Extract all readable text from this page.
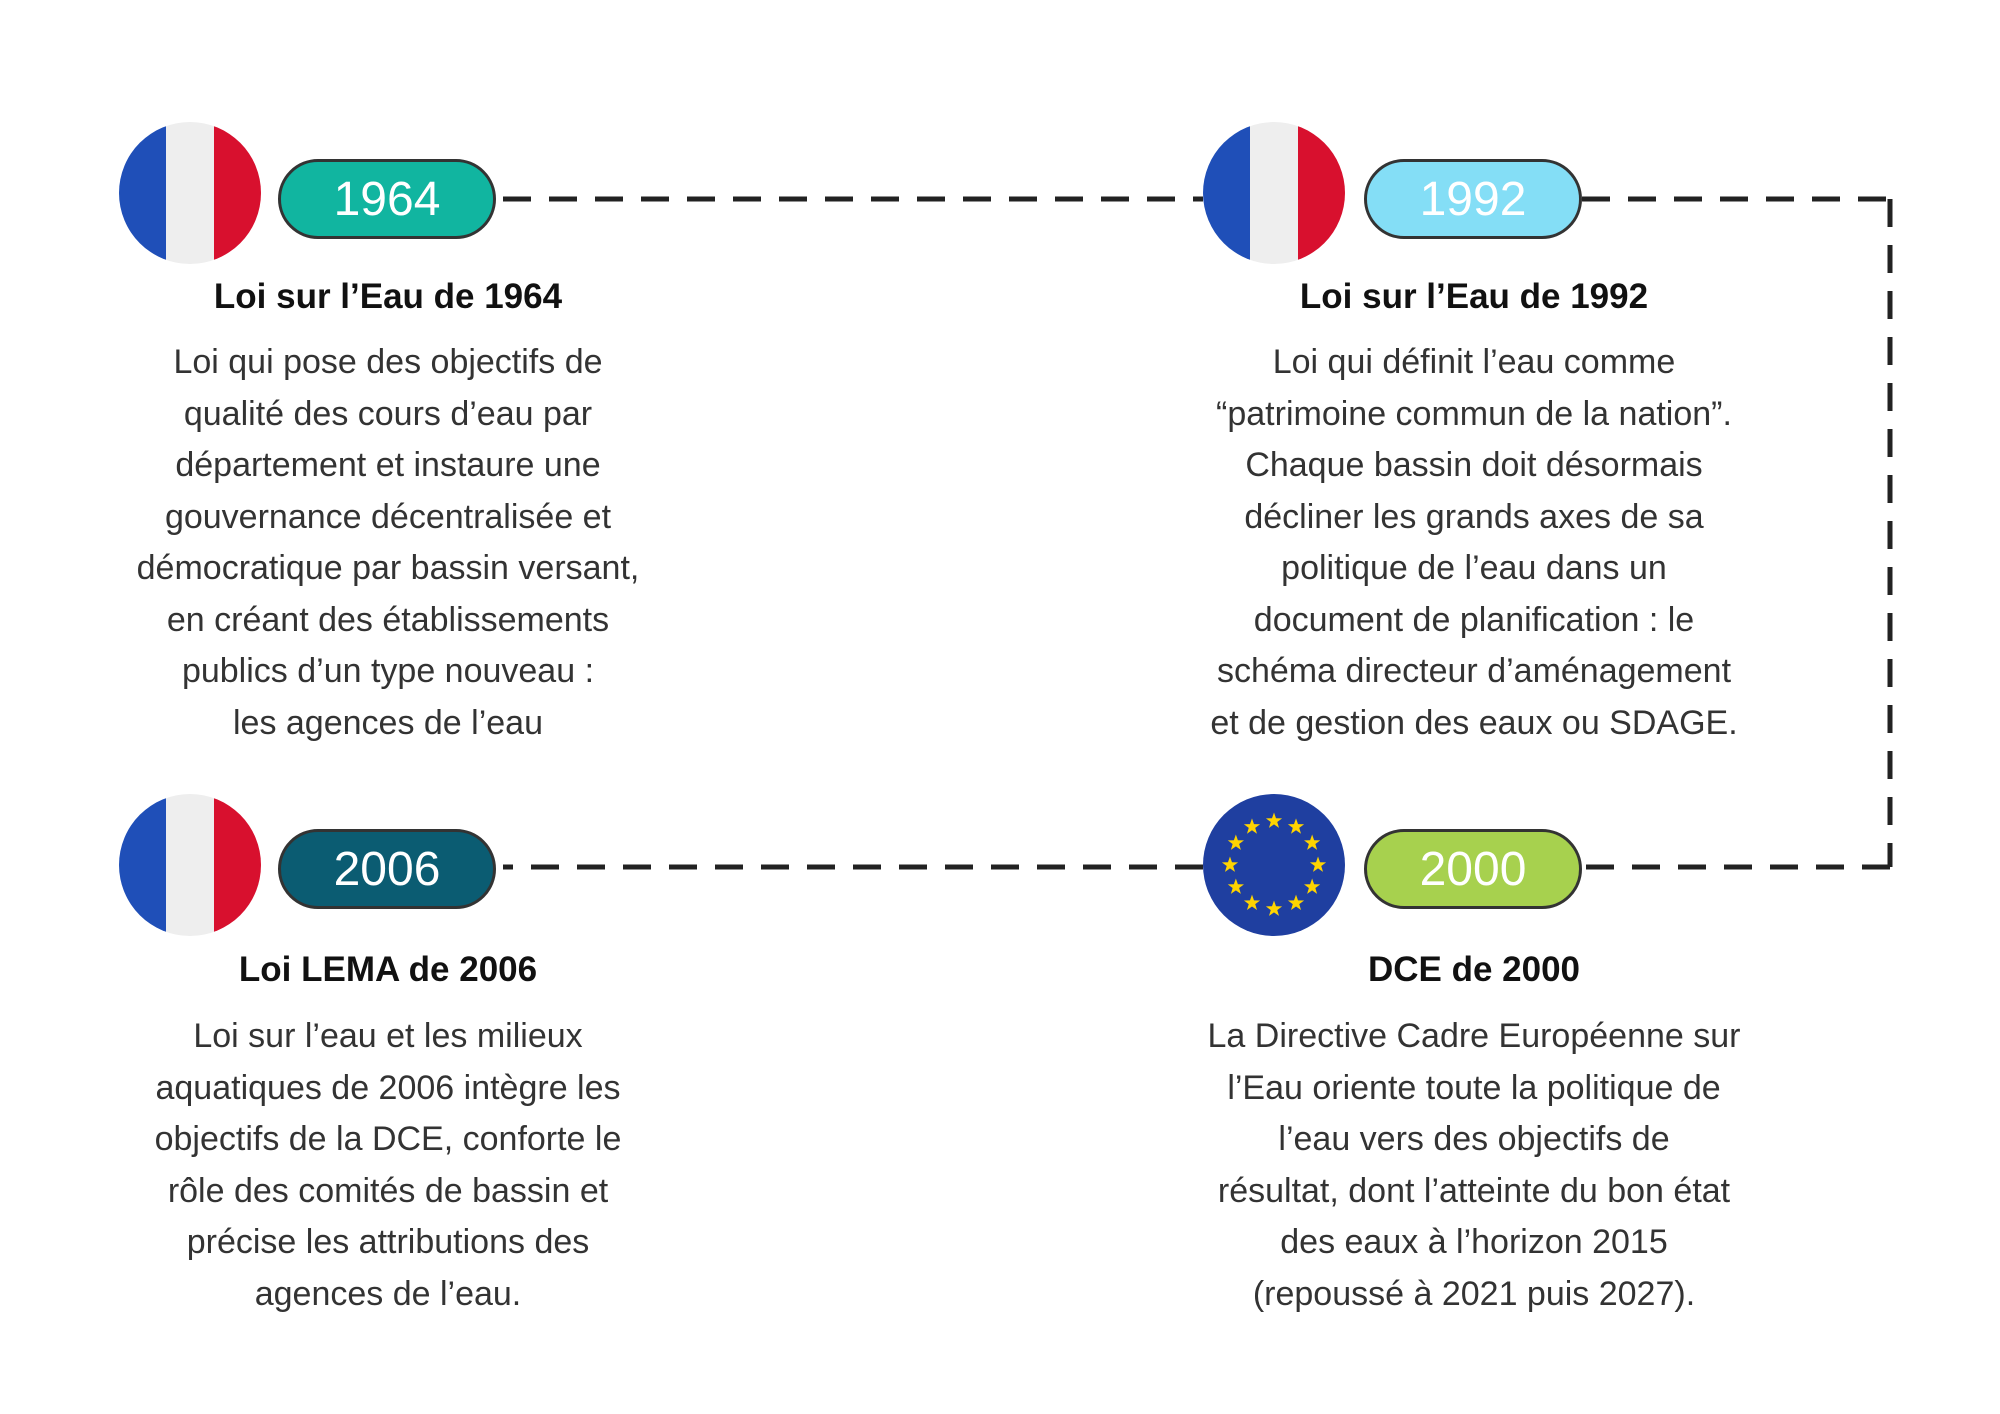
1964
Loi sur l’Eau de 1964
Loi qui pose des objectifs de
qualité des cours d’eau par
département et instaure une
gouvernance décentralisée et
démocratique par bassin versant,
en créant des établissements
publics d’un type nouveau :
les agences de l’eau
1992
Loi sur l’Eau de 1992
Loi qui définit l’eau comme
“patrimoine commun de la nation”.
Chaque bassin doit désormais
décliner les grands axes de sa
politique de l’eau dans un
document de planification : le
schéma directeur d’aménagement
et de gestion des eaux ou SDAGE.
2006
Loi LEMA de 2006
Loi sur l’eau et les milieux
aquatiques de 2006 intègre les
objectifs de la DCE, conforte le
rôle des comités de bassin et
précise les attributions des
agences de l’eau.
2000
DCE de 2000
La Directive Cadre Européenne sur
l’Eau oriente toute la politique de
l’eau vers des objectifs de
résultat, dont l’atteinte du bon état
des eaux à l’horizon 2015
(repoussé à 2021 puis 2027).
